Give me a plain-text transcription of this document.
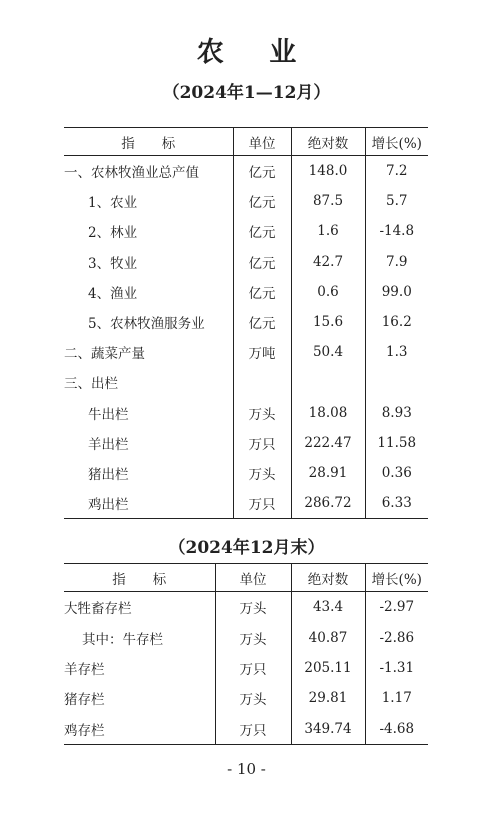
农 业
（2024年1—12月）
指　　标	单位	绝对数	增长(%)
一、农林牧渔业总产值	亿元	148.0	7.2
1、农业	亿元	87.5	5.7
2、林业	亿元	1.6	-14.8
3、牧业	亿元	42.7	7.9
4、渔业	亿元	0.6	99.0
5、农林牧渔服务业	亿元	15.6	16.2
二、蔬菜产量	万吨	50.4	1.3
三、出栏			
牛出栏	万头	18.08	8.93
羊出栏	万只	222.47	11.58
猪出栏	万头	28.91	0.36
鸡出栏	万只	286.72	6.33
（2024年12月末）
指　　标	单位	绝对数	增长(%)
大牲畜存栏	万头	43.4	-2.97
其中：牛存栏	万头	40.87	-2.86
羊存栏	万只	205.11	-1.31
猪存栏	万头	29.81	1.17
鸡存栏	万只	349.74	-4.68
- 10 -
